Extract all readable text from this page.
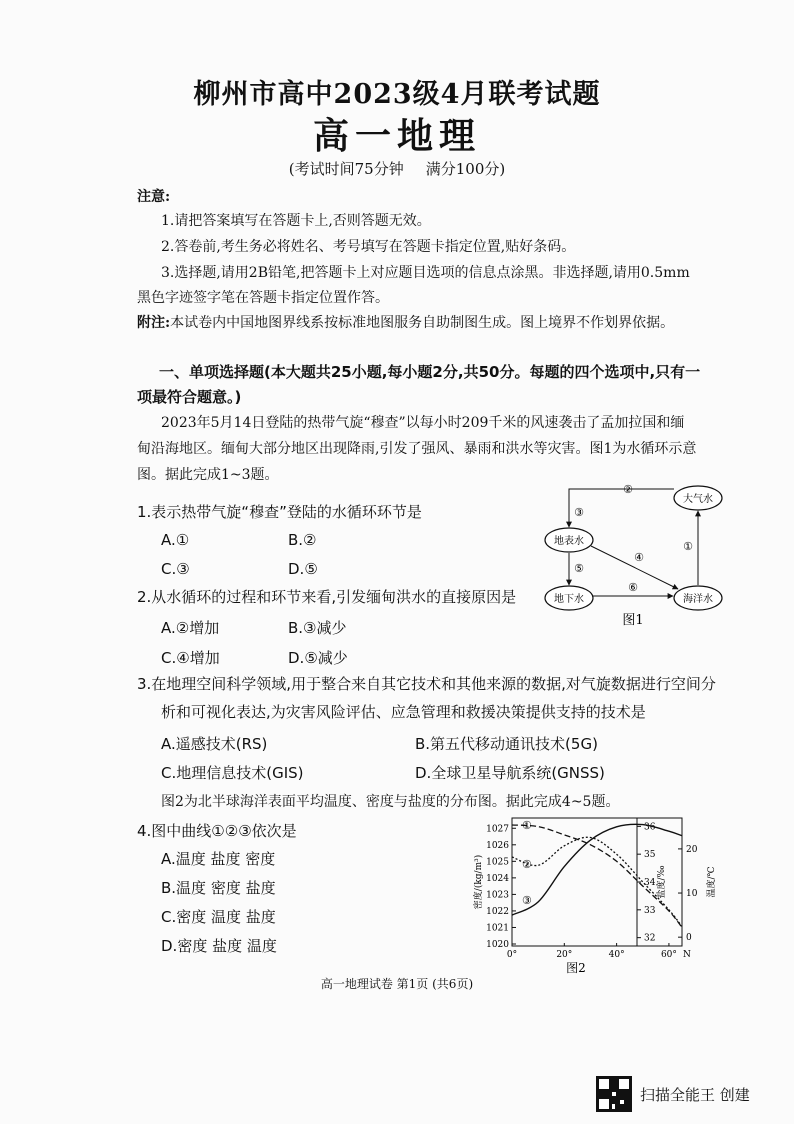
柳州市高中2023级4月联考试题
高一地理
(考试时间75分钟 满分100分)
注意:
1.请把答案填写在答题卡上,否则答题无效。
2.答卷前,考生务必将姓名、考号填写在答题卡指定位置,贴好条码。
3.选择题,请用2B铅笔,把答题卡上对应题目选项的信息点涂黑。非选择题,请用0.5mm
黑色字迹签字笔在答题卡指定位置作答。
附注:本试卷内中国地图界线系按标准地图服务自助制图生成。图上境界不作划界依据。
一、单项选择题(本大题共25小题,每小题2分,共50分。每题的四个选项中,只有一
项最符合题意。)
2023年5月14日登陆的热带气旋“穆查”以每小时209千米的风速袭击了孟加拉国和缅
甸沿海地区。缅甸大部分地区出现降雨,引发了强风、暴雨和洪水等灾害。图1为水循环示意
图。据此完成1~3题。
1.表示热带气旋“穆查”登陆的水循环环节是
A.①	B.②
C.③	D.⑤
2.从水循环的过程和环节来看,引发缅甸洪水的直接原因是
A.②增加	B.③减少
C.④增加	D.⑤减少
大气水
地表水
地下水	海洋水
②
③
①
④
⑤
⑥
图1
3.在地理空间科学领域,用于整合来自其它技术和其他来源的数据,对气旋数据进行空间分
析和可视化表达,为灾害风险评估、应急管理和救援决策提供支持的技术是
A.遥感技术(RS)	B.第五代移动通讯技术(5G)
C.地理信息技术(GIS)	D.全球卫星导航系统(GNSS)
图2为北半球海洋表面平均温度、密度与盐度的分布图。据此完成4~5题。
4.图中曲线①②③依次是
A.温度 盐度 密度
B.温度 密度 盐度
C.密度 温度 盐度
D.密度 盐度 温度
1027
1026
1025
1024
1023
1022
1021
1020
36
35
34
33
32
20
10
0
0°	20°	40°	60° N
密度/(kg/m³)	盐度/‰	温度/℃
①
②
③
图2
高一地理试卷 第1页 (共6页)
扫描全能王 创建
